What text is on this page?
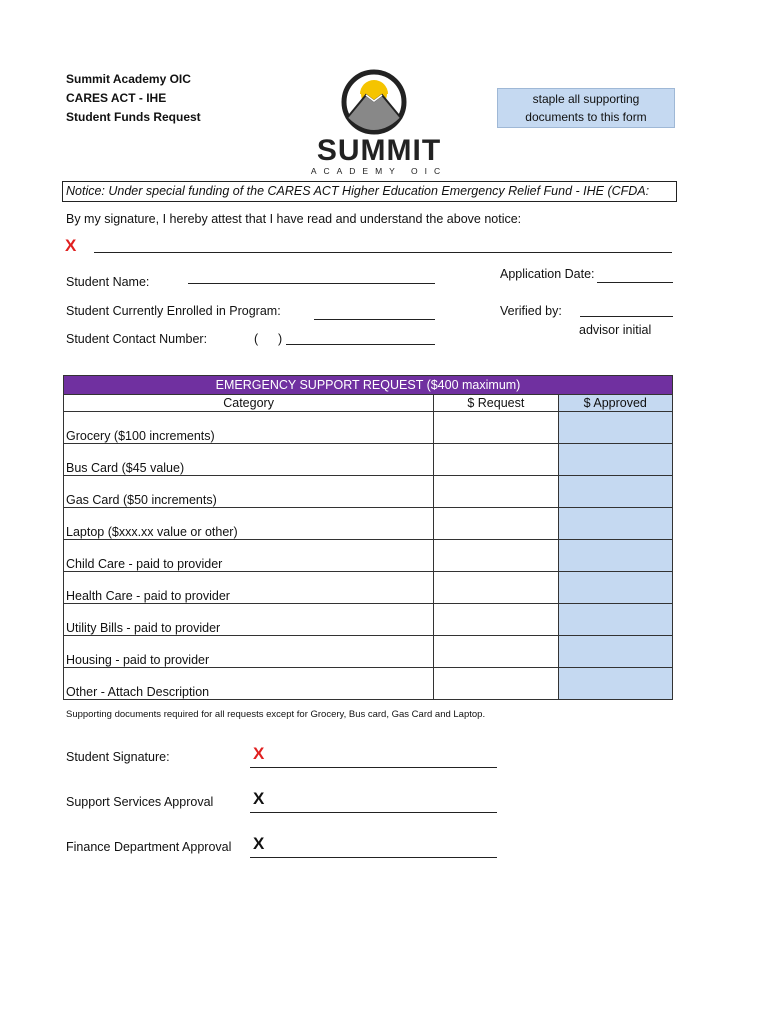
Summit Academy OIC
CARES ACT - IHE
Student Funds Request
SUMMIT
ACADEMY OIC
staple all supporting
documents to this form
Notice: Under special funding of the CARES ACT Higher Education Emergency Relief Fund - IHE (CFDA:
By my signature, I hereby attest that I have read and understand the above notice:
X
Student Name:
Application Date:
Student Currently Enrolled in Program:	Verified by:
advisor initial
Student Contact Number:	( )
EMERGENCY SUPPORT REQUEST ($400 maximum)		
Category	$ Request	$ Approved
Grocery ($100 increments)		
Bus Card ($45 value)		
Gas Card ($50 increments)		
Laptop ($xxx.xx value or other)		
Child Care - paid to provider		
Health Care - paid to provider		
Utility Bills - paid to provider		
Housing - paid to provider		
Other - Attach Description		
Supporting documents required for all requests except for Grocery, Bus card, Gas Card and Laptop.
Student Signature:	X
Support Services Approval X
Finance Department Approval X
